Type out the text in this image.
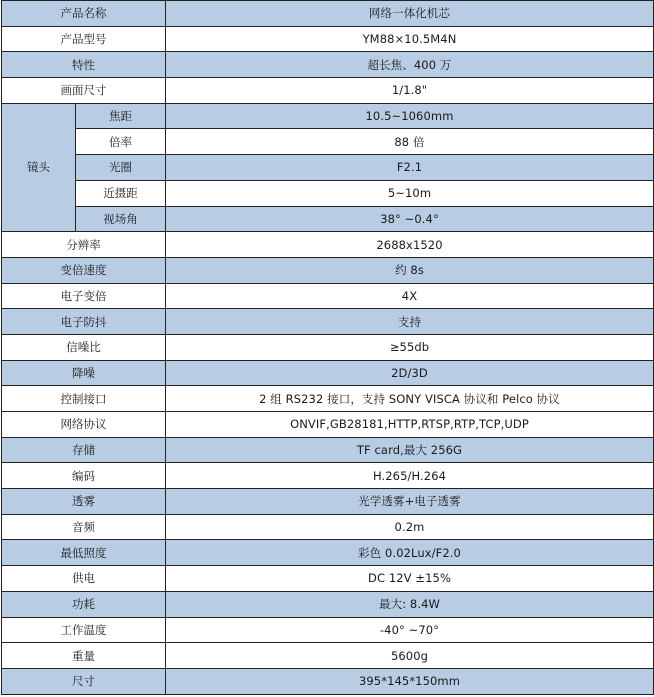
产品名称		网络一体化机芯
产品型号		YM88×10.5M4N
特性		超长焦、400 万
画面尺寸		1/1.8"
镜头	焦距	10.5~1060mm
	倍率	88 倍
	光圈	F2.1
	近摄距	5~10m
	视场角	38° ~0.4°
分辨率		2688x1520
变倍速度		约 8s
电子变倍		4X
电子防抖		支持
信噪比		≥55db
降噪		2D/3D
控制接口		2 组 RS232 接口，支持 SONY VISCA 协议和 Pelco 协议
网络协议		ONVIF,GB28181,HTTP,RTSP,RTP,TCP,UDP
存储		TF card,最大 256G
编码		H.265/H.264
透雾		光学透雾+电子透雾
音频		0.2m
最低照度		彩色 0.02Lux/F2.0
供电		DC 12V ±15%
功耗		最大: 8.4W
工作温度		-40° ~70°
重量		5600g
尺寸		395*145*150mm
